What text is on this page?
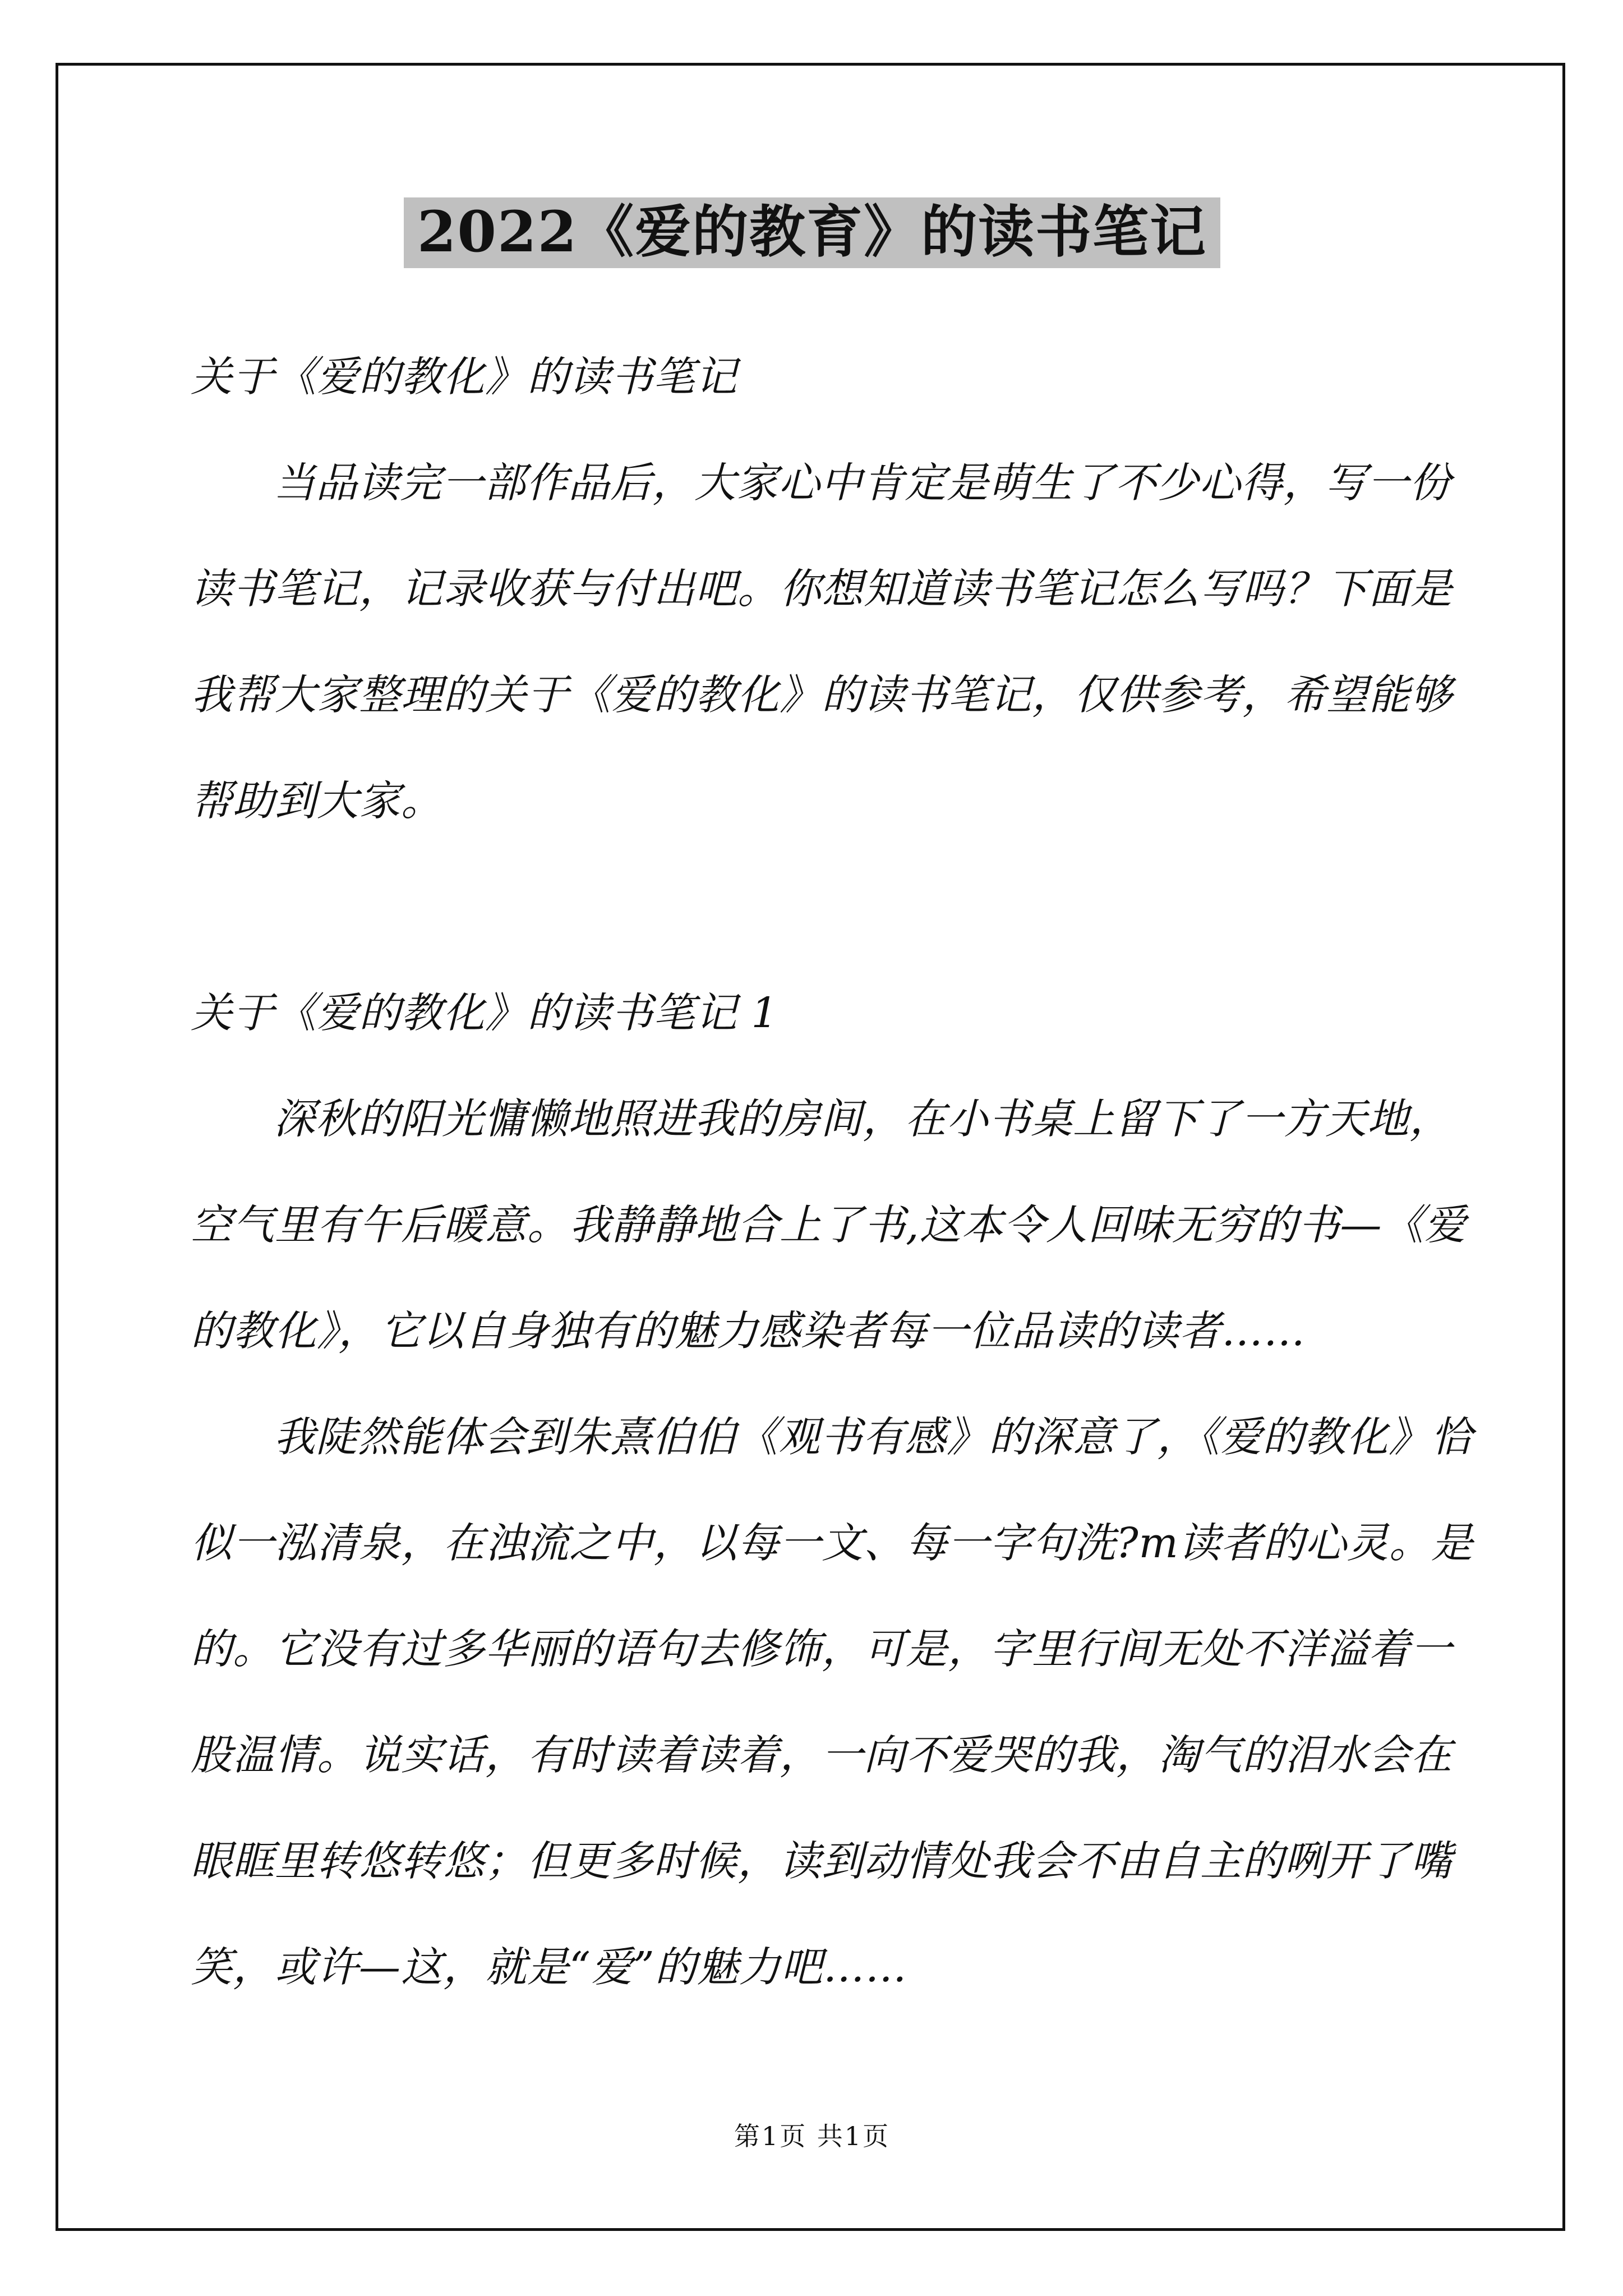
2022《爱的教育》的读书笔记
关于《爱的教化》的读书笔记
当品读完一部作品后，大家心中肯定是萌生了不少心得，写一份
读书笔记，记录收获与付出吧。你想知道读书笔记怎么写吗？下面是
我帮大家整理的关于《爱的教化》的读书笔记，仅供参考，希望能够
帮助到大家。
关于《爱的教化》的读书笔记 1
深秋的阳光慵懒地照进我的房间，在小书桌上留下了一方天地，
空气里有午后暖意。我静静地合上了书,这本令人回味无穷的书—《爱
的教化》，它以自身独有的魅力感染者每一位品读的读者……
我陡然能体会到朱熹伯伯《观书有感》的深意了，《爱的教化》恰
似一泓清泉，在浊流之中，以每一文、每一字句洗?m读者的心灵。是
的。它没有过多华丽的语句去修饰，可是，字里行间无处不洋溢着一
股温情。说实话，有时读着读着，一向不爱哭的我，淘气的泪水会在
眼眶里转悠转悠；但更多时候，读到动情处我会不由自主的咧开了嘴
笑，或许—这，就是“爱”的魅力吧……
第1页 共1页
